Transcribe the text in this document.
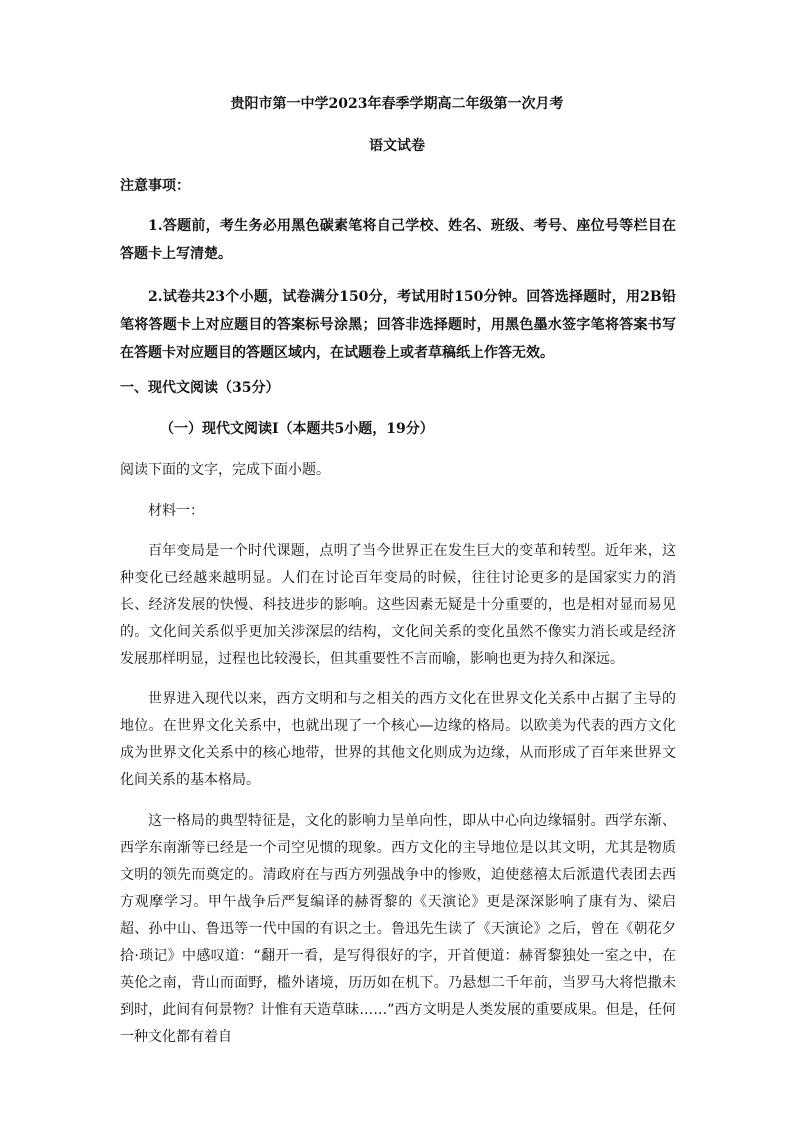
贵阳市第一中学2023年春季学期高二年级第一次月考
语文试卷
注意事项：
1.答题前，考生务必用黑色碳素笔将自己学校、姓名、班级、考号、座位号等栏目在答题卡上写清楚。
2.试卷共23个小题，试卷满分150分，考试用时150分钟。回答选择题时，用2B铅笔将答题卡上对应题目的答案标号涂黑；回答非选择题时，用黑色墨水签字笔将答案书写在答题卡对应题目的答题区域内，在试题卷上或者草稿纸上作答无效。
一、现代文阅读（35分）
（一）现代文阅读Ⅰ（本题共5小题，19分）
阅读下面的文字，完成下面小题。
材料一：
百年变局是一个时代课题，点明了当今世界正在发生巨大的变革和转型。近年来，这种变化已经越来越明显。人们在讨论百年变局的时候，往往讨论更多的是国家实力的消长、经济发展的快慢、科技进步的影响。这些因素无疑是十分重要的，也是相对显而易见的。文化间关系似乎更加关涉深层的结构，文化间关系的变化虽然不像实力消长或是经济发展那样明显，过程也比较漫长，但其重要性不言而喻，影响也更为持久和深远。
世界进入现代以来，西方文明和与之相关的西方文化在世界文化关系中占据了主导的地位。在世界文化关系中，也就出现了一个核心—边缘的格局。以欧美为代表的西方文化成为世界文化关系中的核心地带，世界的其他文化则成为边缘，从而形成了百年来世界文化间关系的基本格局。
这一格局的典型特征是，文化的影响力呈单向性，即从中心向边缘辐射。西学东渐、西学东南渐等已经是一个司空见惯的现象。西方文化的主导地位是以其文明，尤其是物质文明的领先而奠定的。清政府在与西方列强战争中的惨败，迫使慈禧太后派遣代表团去西方观摩学习。甲午战争后严复编译的赫胥黎的《天演论》更是深深影响了康有为、梁启超、孙中山、鲁迅等一代中国的有识之士。鲁迅先生读了《天演论》之后，曾在《朝花夕拾·琐记》中感叹道：“翻开一看，是写得很好的字，开首便道：赫胥黎独处一室之中，在英伦之南，背山而面野，槛外诸境，历历如在机下。乃悬想二千年前，当罗马大将恺撒未到时，此间有何景物？计惟有天造草昧……”西方文明是人类发展的重要成果。但是，任何一种文化都有着自
